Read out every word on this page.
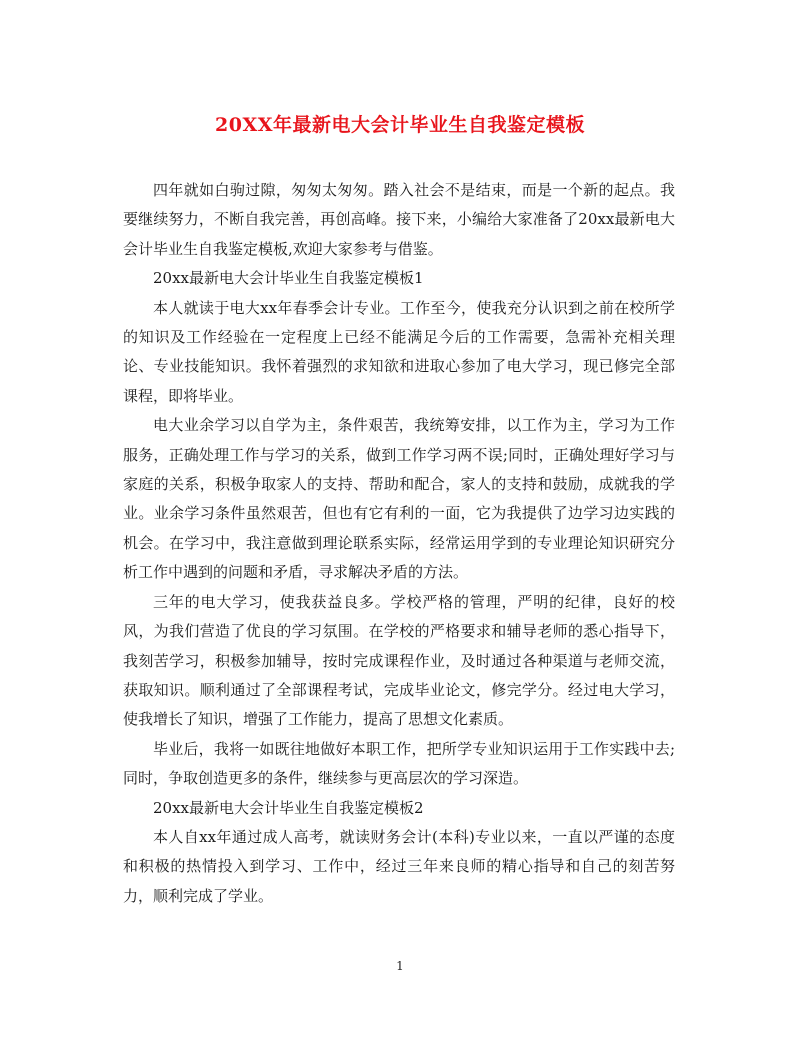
20XX年最新电大会计毕业生自我鉴定模板

四年就如白驹过隙，匆匆太匆匆。踏入社会不是结束，而是一个新的起点。我要继续努力，不断自我完善，再创高峰。接下来，小编给大家准备了20xx最新电大会计毕业生自我鉴定模板,欢迎大家参考与借鉴。

20xx最新电大会计毕业生自我鉴定模板1

本人就读于电大xx年春季会计专业。工作至今，使我充分认识到之前在校所学的知识及工作经验在一定程度上已经不能满足今后的工作需要，急需补充相关理论、专业技能知识。我怀着强烈的求知欲和进取心参加了电大学习，现已修完全部课程，即将毕业。

电大业余学习以自学为主，条件艰苦，我统筹安排，以工作为主，学习为工作服务，正确处理工作与学习的关系，做到工作学习两不误;同时，正确处理好学习与家庭的关系，积极争取家人的支持、帮助和配合，家人的支持和鼓励，成就我的学业。业余学习条件虽然艰苦，但也有它有利的一面，它为我提供了边学习边实践的机会。在学习中，我注意做到理论联系实际，经常运用学到的专业理论知识研究分析工作中遇到的问题和矛盾，寻求解决矛盾的方法。

三年的电大学习，使我获益良多。学校严格的管理，严明的纪律，良好的校风，为我们营造了优良的学习氛围。在学校的严格要求和辅导老师的悉心指导下，我刻苦学习，积极参加辅导，按时完成课程作业，及时通过各种渠道与老师交流，获取知识。顺利通过了全部课程考试，完成毕业论文，修完学分。经过电大学习，使我增长了知识，增强了工作能力，提高了思想文化素质。

毕业后，我将一如既往地做好本职工作，把所学专业知识运用于工作实践中去;同时，争取创造更多的条件，继续参与更高层次的学习深造。

20xx最新电大会计毕业生自我鉴定模板2

本人自xx年通过成人高考，就读财务会计(本科)专业以来，一直以严谨的态度和积极的热情投入到学习、工作中，经过三年来良师的精心指导和自己的刻苦努力，顺利完成了学业。

1
